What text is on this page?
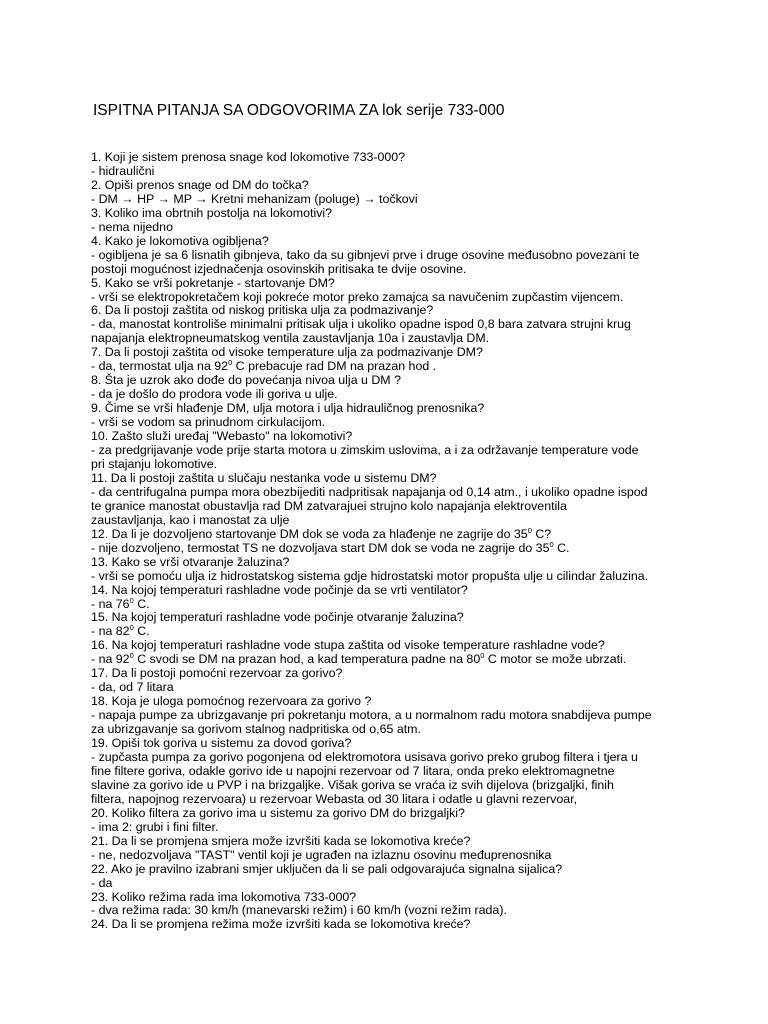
ISPITNA PITANJA SA ODGOVORIMA ZA lok serije 733-000
1. Koji je sistem prenosa snage kod lokomotive 733-000?
- hidraulični
2. Opiši prenos snage od DM do točka?
- DM → HP → MP → Kretni mehanizam (poluge) → točkovi
3. Koliko ima obrtnih postolja na lokomotivi?
- nema nijedno
4. Kako je lokomotiva ogibljena?
- ogibljena je sa 6 lisnatih gibnjeva, tako da su gibnjevi prve i druge osovine međusobno povezani te
postoji mogućnost izjednačenja osovinskih pritisaka te dvije osovine.
5. Kako se vrši pokretanje - startovanje DM?
- vrši se elektropokretačem koji pokreće motor preko zamajca sa navučenim zupčastim vijencem.
6. Da li postoji zaštita od niskog pritiska ulja za podmazivanje?
- da, manostat kontroliše minimalni pritisak ulja i ukoliko opadne ispod 0,8 bara zatvara strujni krug
napajanja elektropneumatskog ventila zaustavljanja 10a i zaustavlja DM.
7. Da li postoji zaštita od visoke temperature ulja za podmazivanje DM?
- da, termostat ulja na $92^0$ C prebacuje rad DM na prazan hod .
8. Šta je uzrok ako dođe do povećanja nivoa ulja u DM ?
- da je došlo do prodora vode ili goriva u ulje.
9. Čime se vrši hlađenje DM, ulja motora i ulja hidrauličnog prenosnika?
- vrši se vodom sa prinudnom cirkulacijom.
10. Zašto služi uređaj "Webasto" na lokomotivi?
- za predgrijavanje vode prije starta motora u zimskim uslovima, a i za održavanje temperature vode
pri stajanju lokomotive.
11. Da li postoji zaštita u slučaju nestanka vode u sistemu DM?
- da centrifugalna pumpa mora obezbijediti nadpritisak napajanja od 0,14 atm., i ukoliko opadne ispod
te granice manostat obustavlja rad DM zatvarajuei strujno kolo napajanja elektroventila
zaustavljanja, kao i manostat za ulje
12. Da li je dozvoljeno startovanje DM dok se voda za hlađenje ne zagrije do $35^0$ C?
- nije dozvoljeno, termostat TS ne dozvoljava start DM dok se voda ne zagrije do $35^0$ C.
13. Kako se vrši otvaranje žaluzina?
- vrši se pomoću ulja iz hidrostatskog sistema gdje hidrostatski motor propušta ulje u cilindar žaluzina.
14. Na kojoj temperaturi rashladne vode počinje da se vrti ventilator?
- na $76^0$ C.
15. Na kojoj temperaturi rashladne vode počinje otvaranje žaluzina?
- na $82^0$ C.
16. Na kojoj temperaturi rashladne vode stupa zaštita od visoke temperature rashladne vode?
- na $92^0$ C svodi se DM na prazan hod, a kad temperatura padne na $80^0$ C motor se može ubrzati.
17. Da li postoji pomoćni rezervoar za gorivo?
- da, od 7 litara
18. Koja je uloga pomoćnog rezervoara za gorivo ?
- napaja pumpe za ubrizgavanje pri pokretanju motora, a u normalnom radu motora snabdijeva pumpe
za ubrizgavanje sa gorivom stalnog nadpritiska od o,65 atm.
19. Opiši tok goriva u sistemu za dovod goriva?
- zupčasta pumpa za gorivo pogonjena od elektromotora usisava gorivo preko grubog filtera i tjera u
fine filtere goriva, odakle gorivo ide u napojni rezervoar od 7 litara, onda preko elektromagnetne
slavine za gorivo ide u PVP i na brizgaljke. Višak goriva se vraća iz svih dijelova (brizgaljki, finih
filtera, napojnog rezervoara) u rezervoar Webasta od 30 litara i odatle u glavni rezervoar,
20. Koliko filtera za gorivo ima u sistemu za gorivo DM do brizgaljki?
- ima 2: grubi i fini filter.
21. Da li se promjena smjera može izvršiti kada se lokomotiva kreće?
- ne, nedozvoljava "TAST" ventil koji je ugrađen na izlaznu osovinu međuprenosnika
22. Ako je pravilno izabrani smjer uključen da li se pali odgovarajuća signalna sijalica?
- da
23. Koliko režima rada ima lokomotiva 733-000?
- dva režima rada: 30 km/h (manevarski režim) i 60 km/h (vozni režim rada).
24. Da li se promjena režima može izvršiti kada se lokomotiva kreće?
